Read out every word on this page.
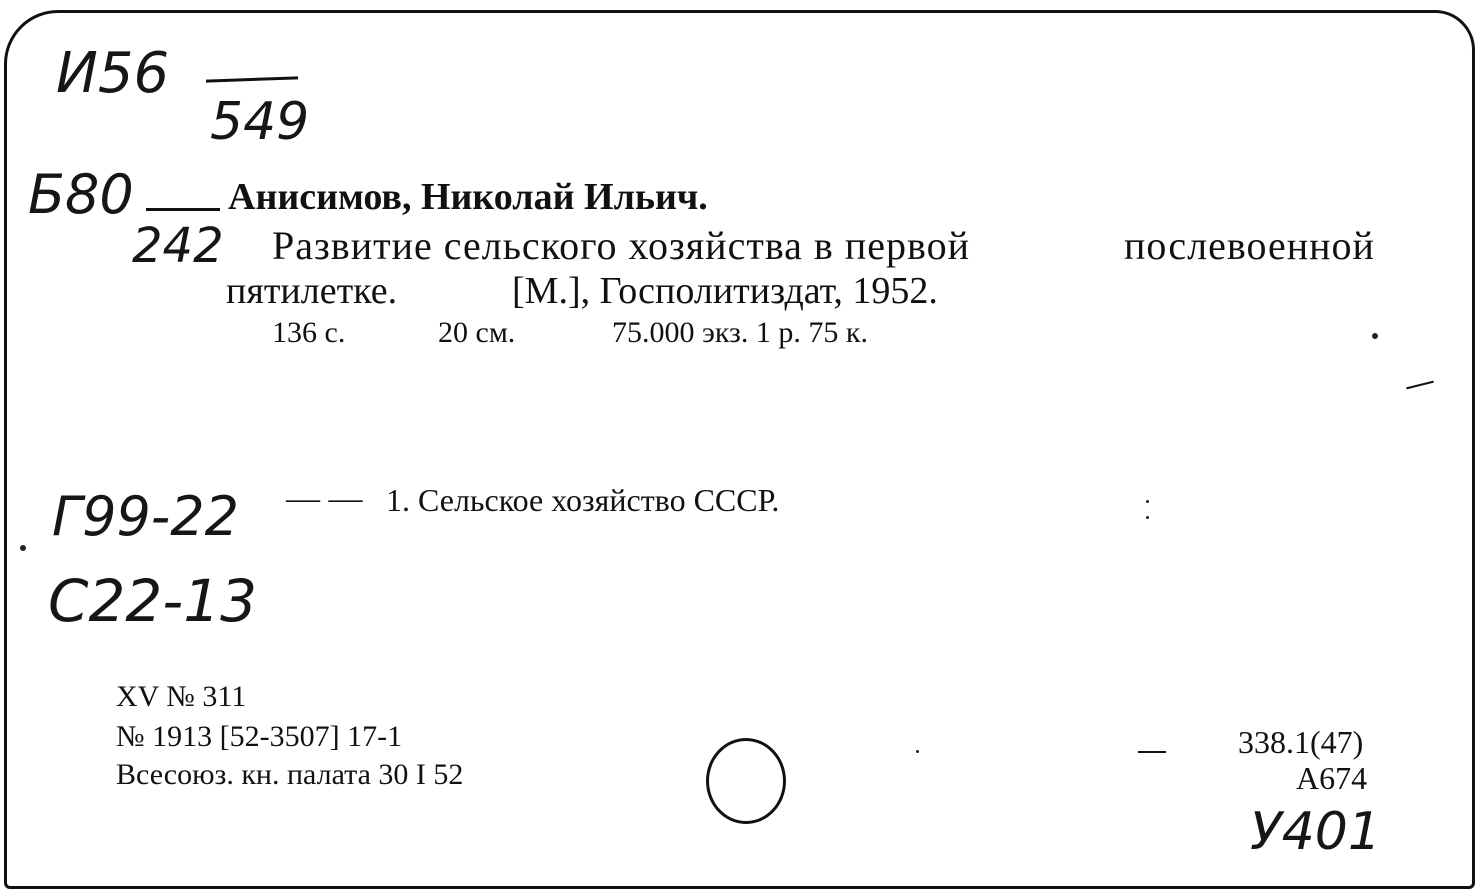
И56
549
Б80
242
Анисимов, Николай Ильич.
Развитие сельского хозяйства в первой	послевоенной
пятилетке.	[М.], Госполитиздат, 1952.
136 с.	20 см.	75.000 экз. 1 р. 75 к.
Г99-22 — — 1. Сельское хозяйство СССР.
С22-13
XV № 311
№ 1913 [52-3507] 17-1
Всесоюз. кн. палата 30 I 52
338.1(47)
А674
У401
